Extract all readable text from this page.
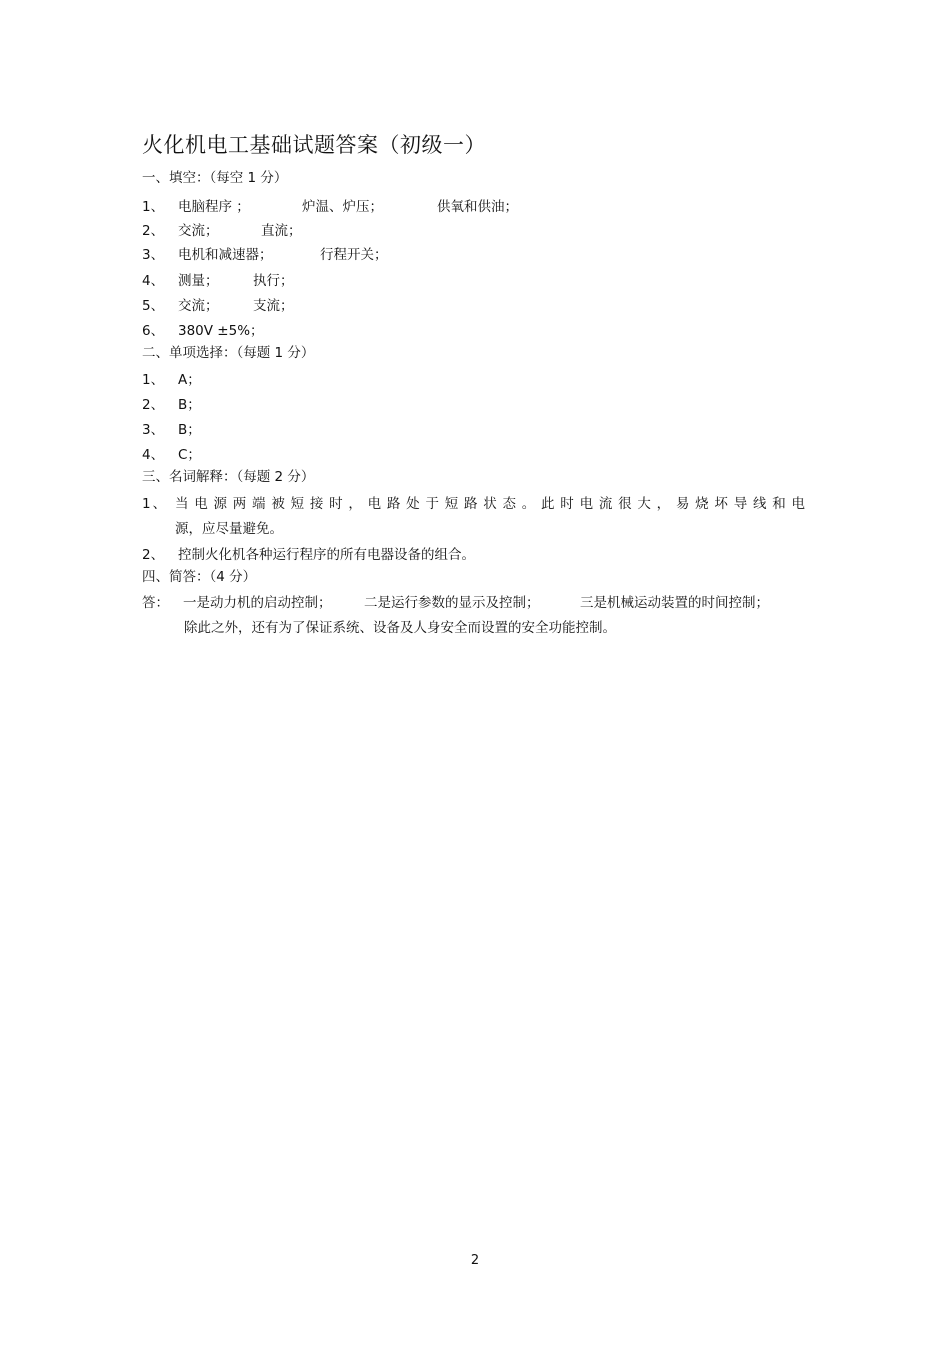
火化机电工基础试题答案（初级一）
一、填空：（每空 1 分）
1、 电脑程序 ；	炉温、炉压；	供氧和供油；
2、 交流；	直流；
3、 电机和减速器；	行程开关；
4、 测量；	执行；
5、 交流；	支流；
6、 380V ±5%；
二、单项选择：（每题 1 分）
1、 A；
2、 B；
3、 B；
4、 C；
三、名词解释：（每题 2 分）
1、 当电源两端被短接时，电路处于短路状态。此时电流很大，易烧坏导线和电
源，应尽量避免。
2、 控制火化机各种运行程序的所有电器设备的组合。
四、简答：（4 分）
答： 一是动力机的启动控制； 二是运行参数的显示及控制；	三是机械运动装置的时间控制；
除此之外，还有为了保证系统、设备及人身安全而设置的安全功能控制。
2
